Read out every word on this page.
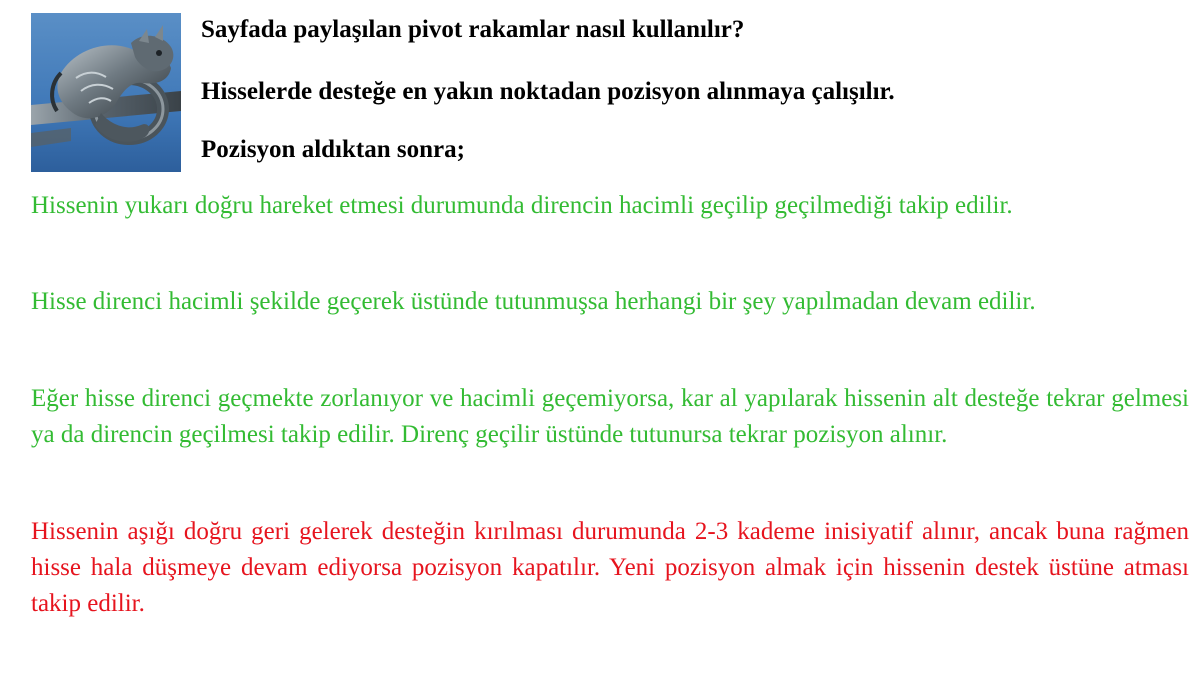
Sayfada paylaşılan pivot rakamlar nasıl kullanılır?

Hisselerde desteğe en yakın noktadan pozisyon alınmaya çalışılır.

Pozisyon aldıktan sonra;

Hissenin yukarı doğru hareket etmesi durumunda direncin hacimli geçilip geçilmediği takip edilir.

Hisse direnci hacimli şekilde geçerek üstünde tutunmuşsa herhangi bir şey yapılmadan devam edilir.

Eğer hisse direnci geçmekte zorlanıyor ve hacimli geçemiyorsa, kar al yapılarak hissenin alt desteğe tekrar gelmesi ya da direncin geçilmesi takip edilir. Direnç geçilir üstünde tutunursa tekrar pozisyon alınır.

Hissenin aşığı doğru geri gelerek desteğin kırılması durumunda 2-3 kademe inisiyatif alınır, ancak buna rağmen hisse hala düşmeye devam ediyorsa pozisyon kapatılır. Yeni pozisyon almak için hissenin destek üstüne atması takip edilir.
